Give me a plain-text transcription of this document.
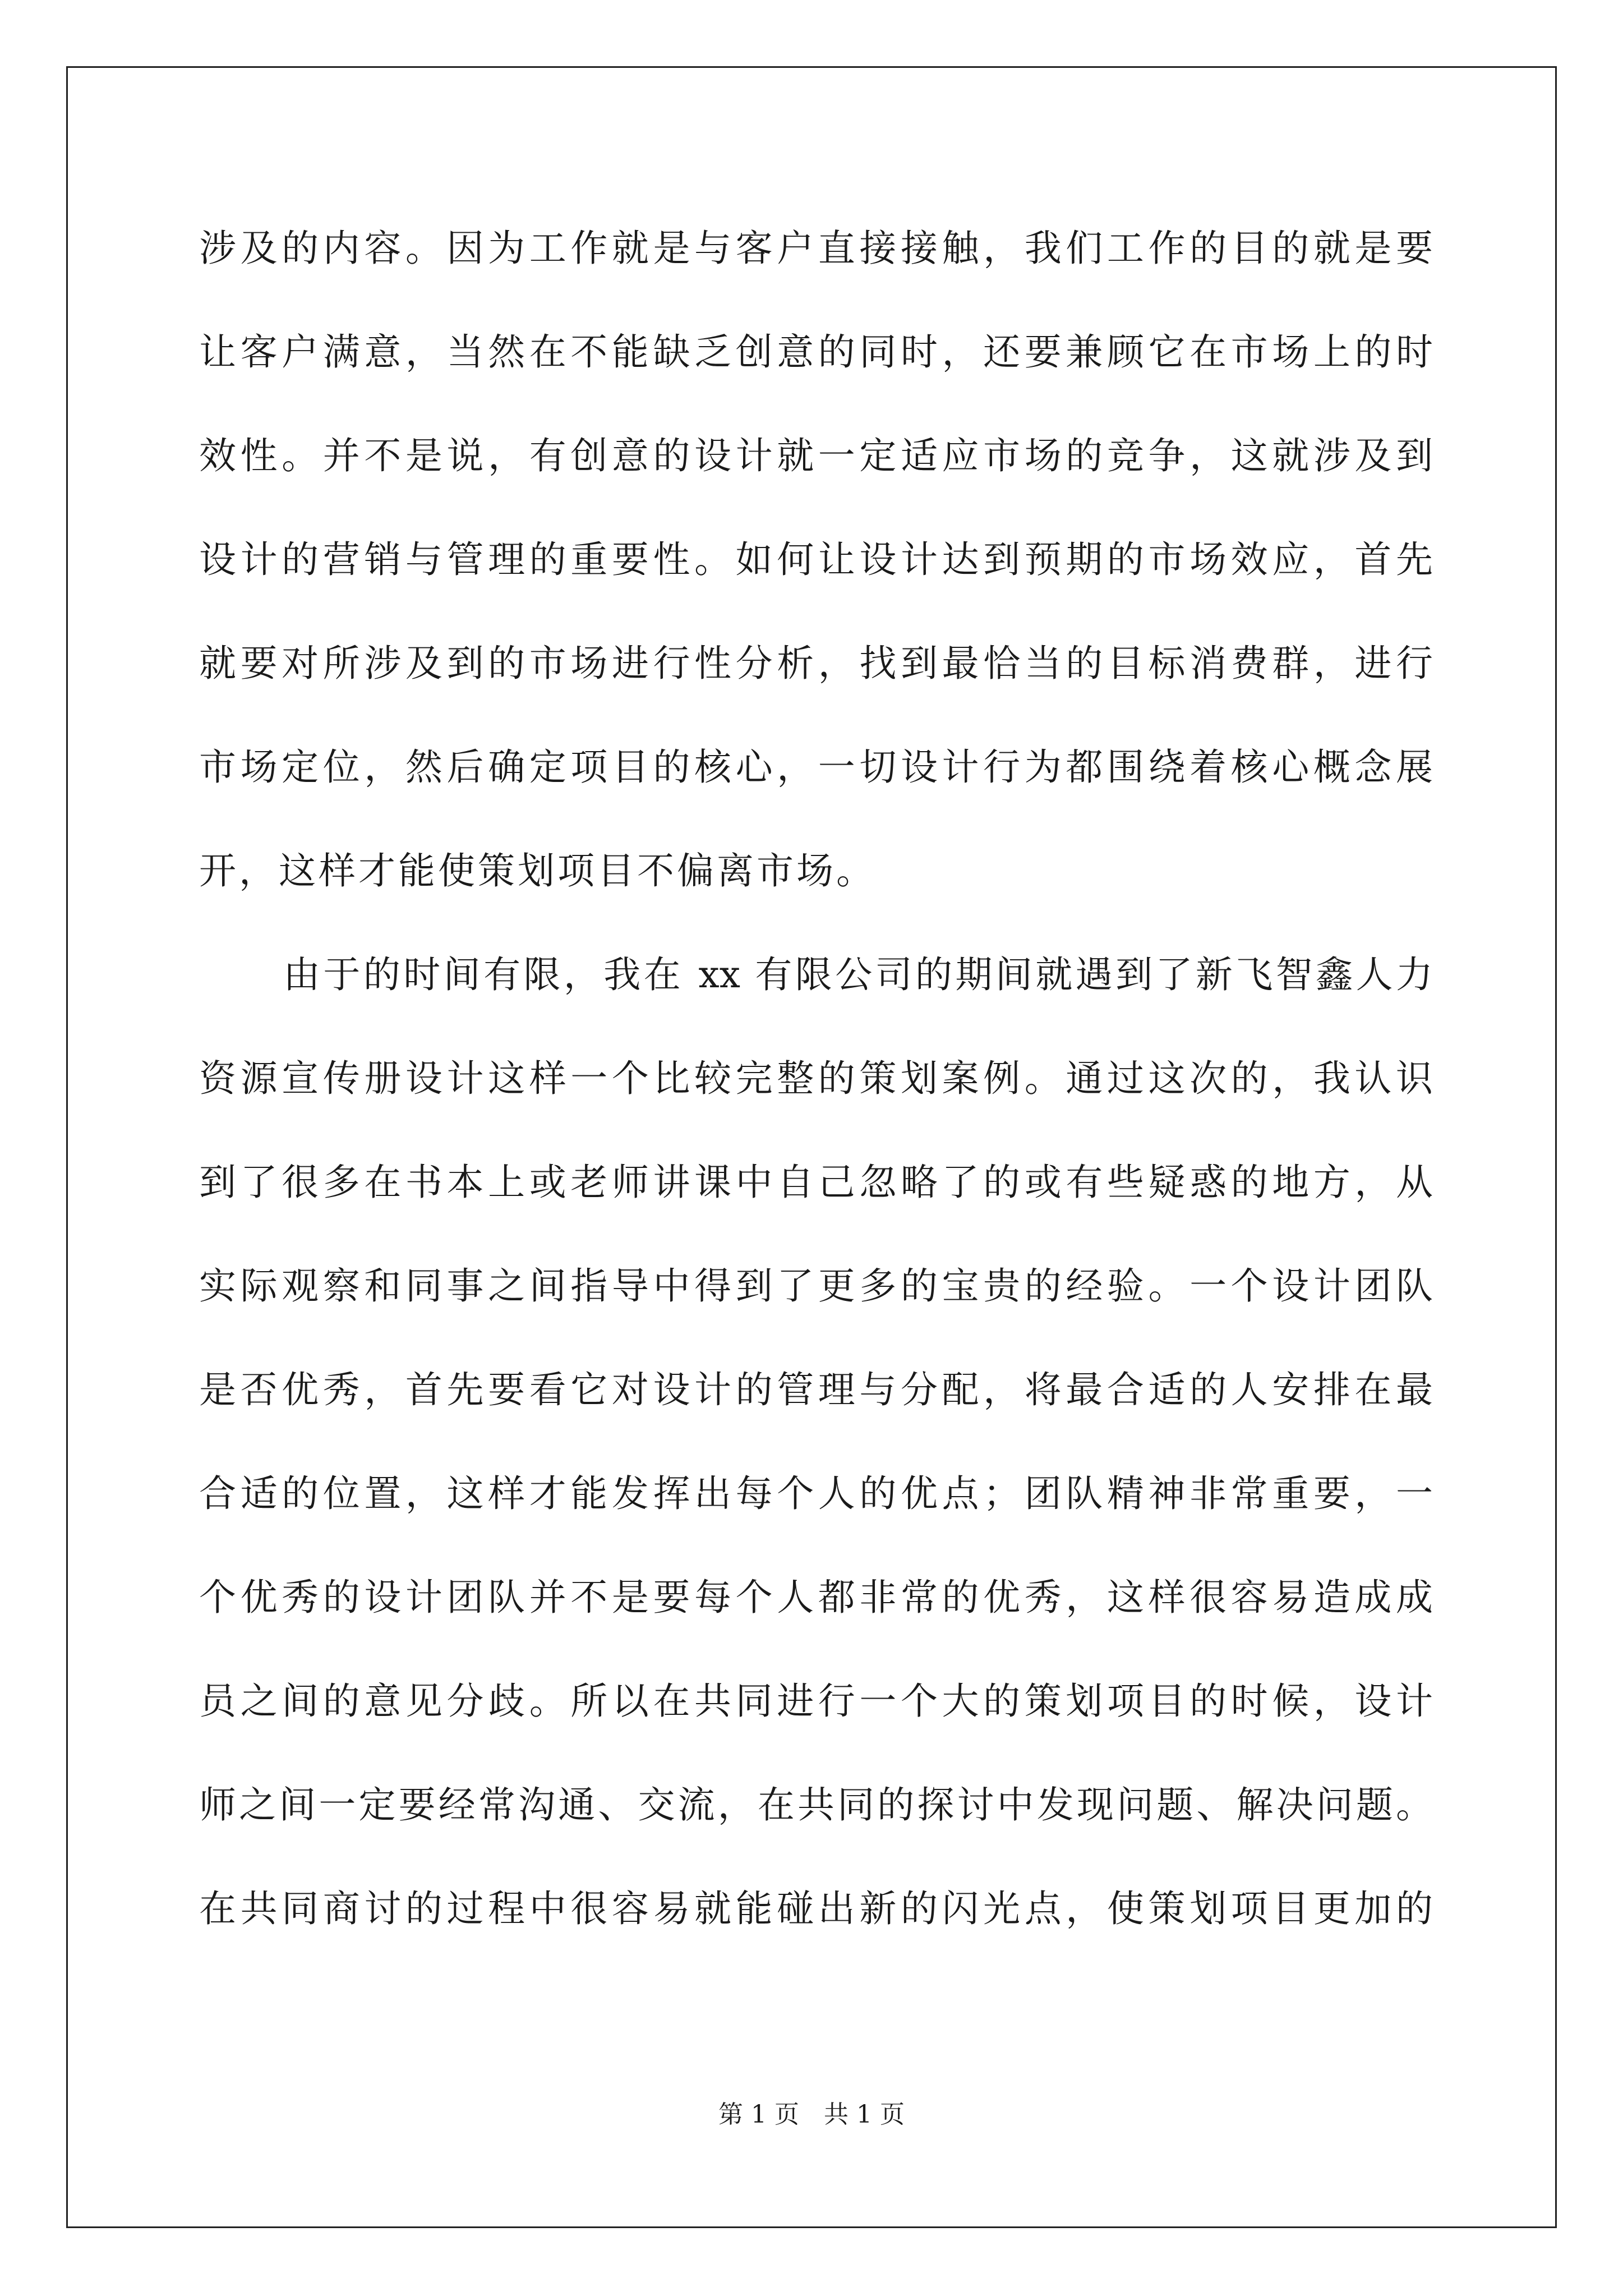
涉及的内容。因为工作就是与客户直接接触，我们工作的目的就是要
让客户满意，当然在不能缺乏创意的同时，还要兼顾它在市场上的时
效性。并不是说，有创意的设计就一定适应市场的竞争，这就涉及到
设计的营销与管理的重要性。如何让设计达到预期的市场效应，首先
就要对所涉及到的市场进行性分析，找到最恰当的目标消费群，进行
市场定位，然后确定项目的核心，一切设计行为都围绕着核心概念展
开，这样才能使策划项目不偏离市场。
由于的时间有限，我在 xx 有限公司的期间就遇到了新飞智鑫人力
资源宣传册设计这样一个比较完整的策划案例。通过这次的，我认识
到了很多在书本上或老师讲课中自己忽略了的或有些疑惑的地方，从
实际观察和同事之间指导中得到了更多的宝贵的经验。一个设计团队
是否优秀，首先要看它对设计的管理与分配，将最合适的人安排在最
合适的位置，这样才能发挥出每个人的优点；团队精神非常重要，一
个优秀的设计团队并不是要每个人都非常的优秀，这样很容易造成成
员之间的意见分歧。所以在共同进行一个大的策划项目的时候，设计
师之间一定要经常沟通、交流，在共同的探讨中发现问题、解决问题。
在共同商讨的过程中很容易就能碰出新的闪光点，使策划项目更加的
第 1 页 共 1 页
